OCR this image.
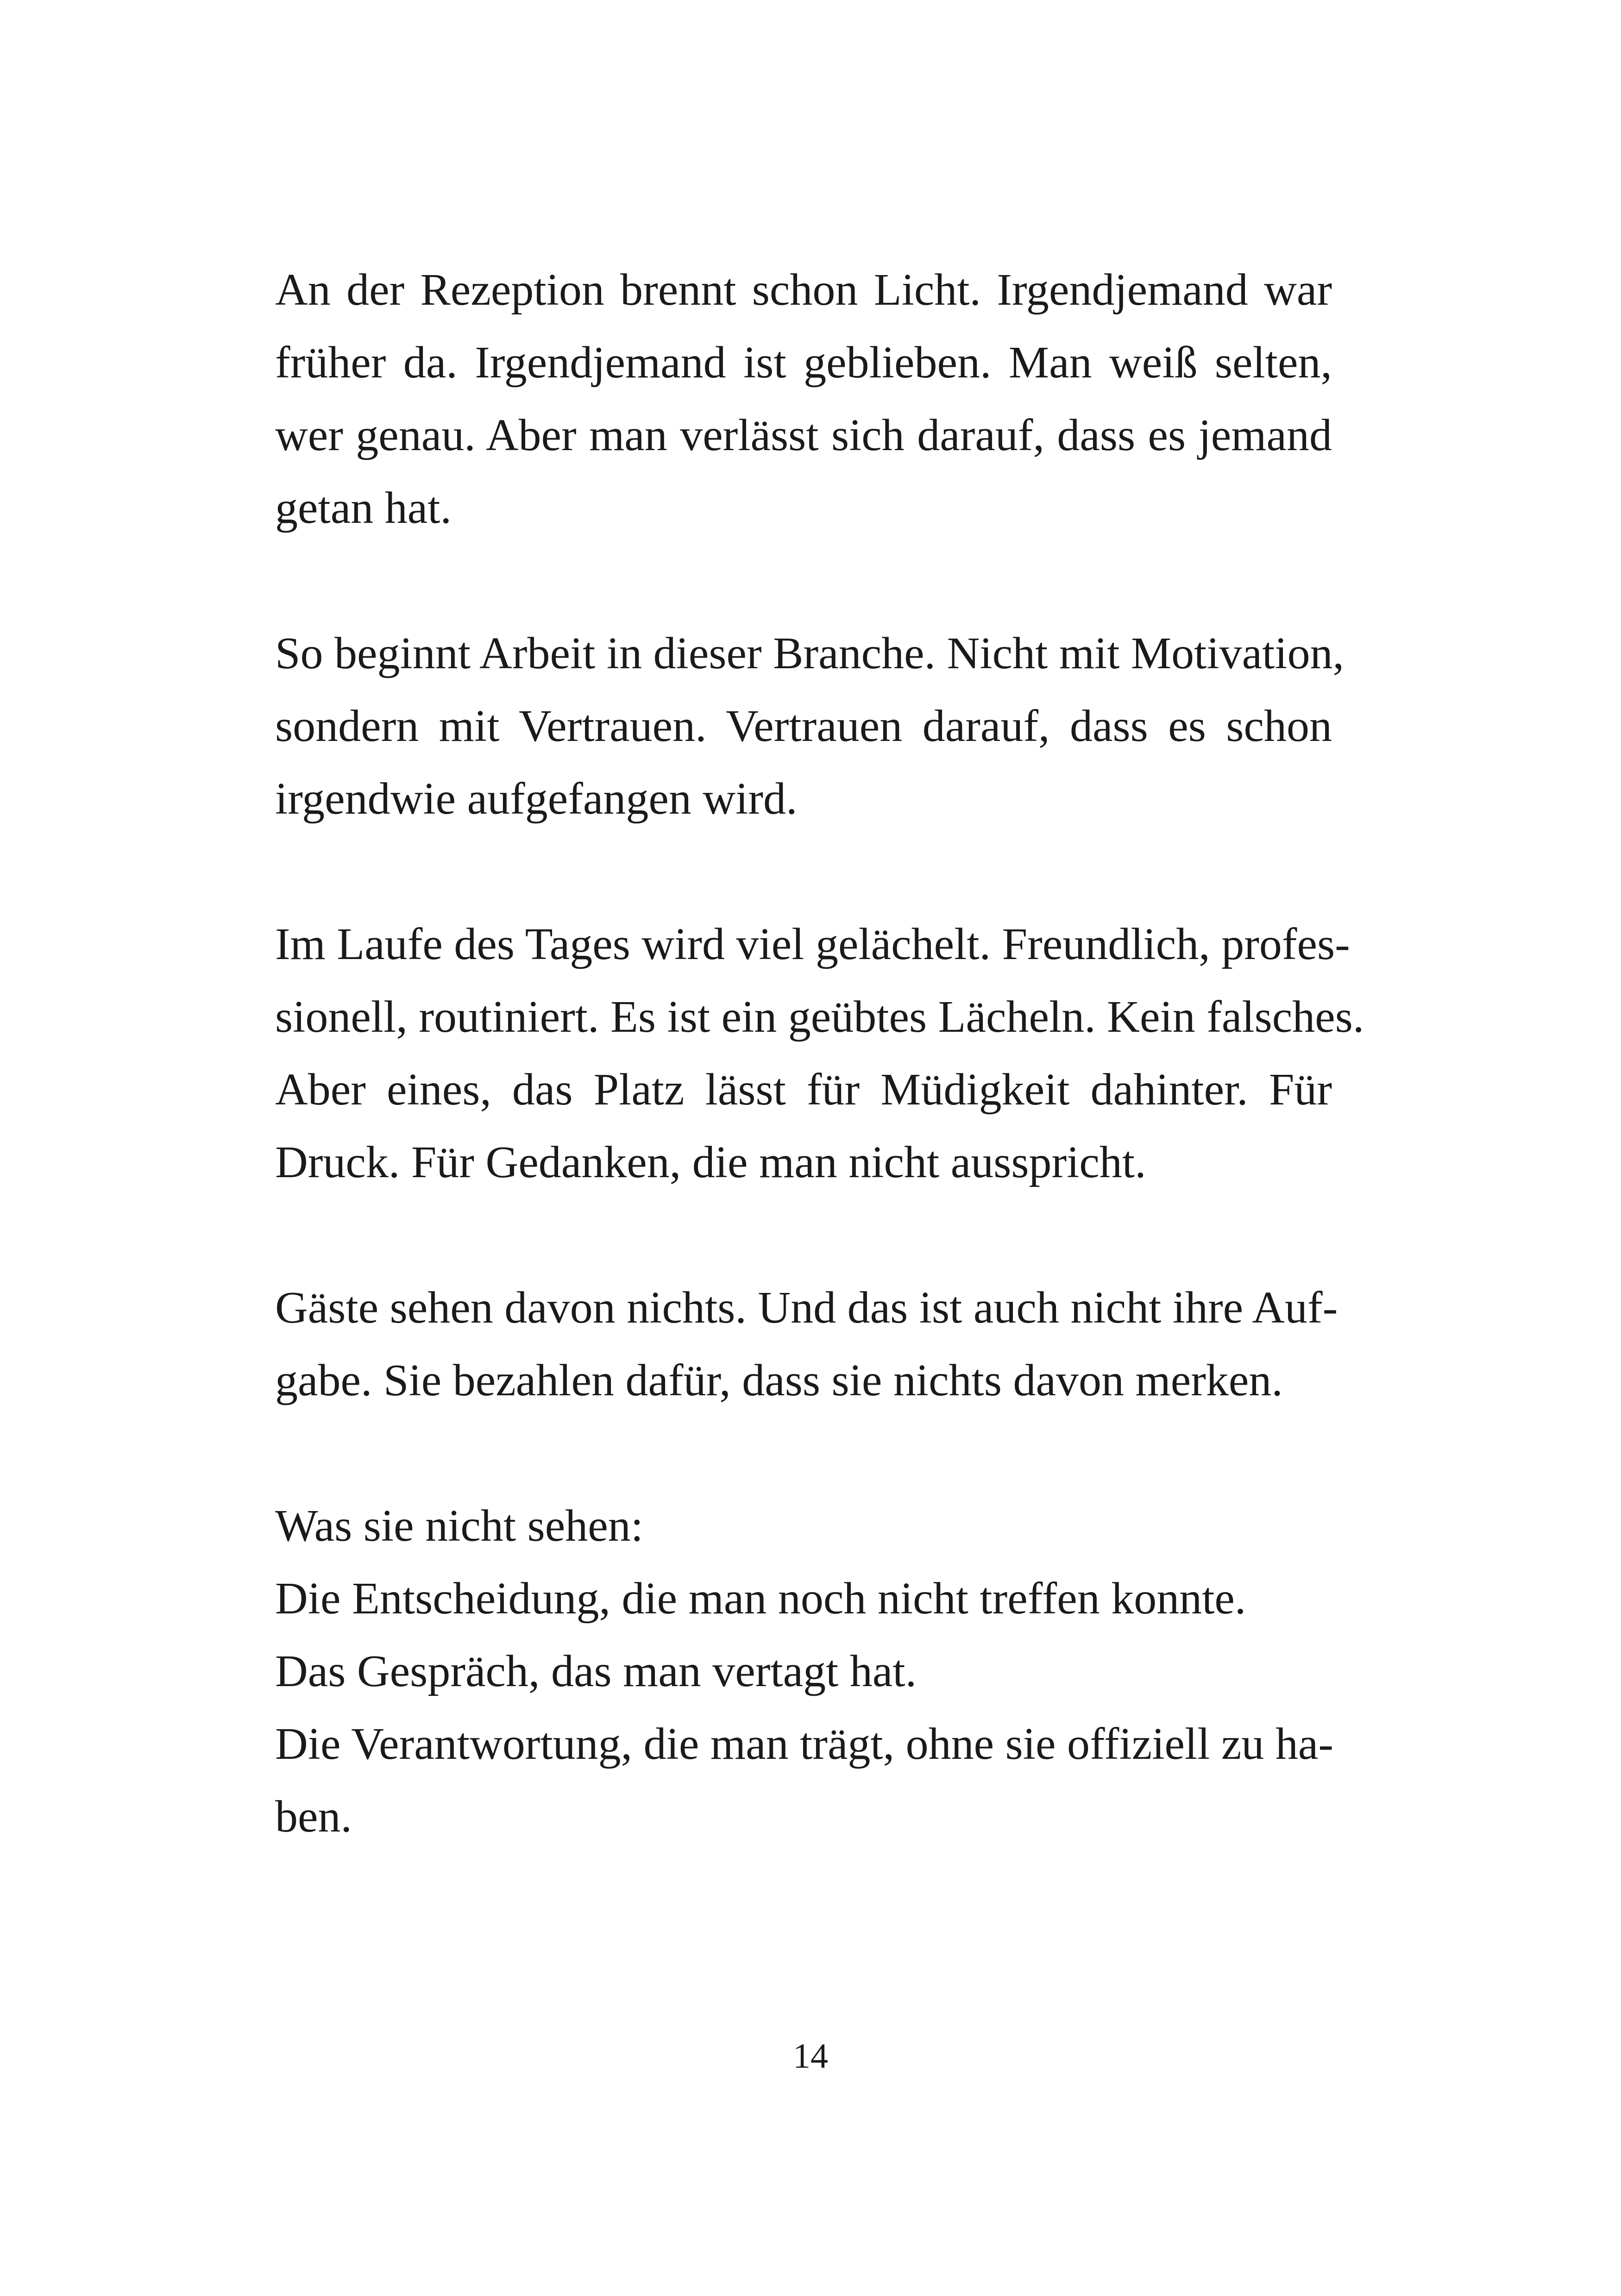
An der Rezeption brennt schon Licht. Irgendjemand war
früher da. Irgendjemand ist geblieben. Man weiß selten,
wer genau. Aber man verlässt sich darauf, dass es jemand
getan hat.

So beginnt Arbeit in dieser Branche. Nicht mit Motivation,
sondern mit Vertrauen. Vertrauen darauf, dass es schon
irgendwie aufgefangen wird.

Im Laufe des Tages wird viel gelächelt. Freundlich, profes-
sionell, routiniert. Es ist ein geübtes Lächeln. Kein falsches.
Aber eines, das Platz lässt für Müdigkeit dahinter. Für
Druck. Für Gedanken, die man nicht ausspricht.

Gäste sehen davon nichts. Und das ist auch nicht ihre Auf-
gabe. Sie bezahlen dafür, dass sie nichts davon merken.

Was sie nicht sehen:
Die Entscheidung, die man noch nicht treffen konnte.
Das Gespräch, das man vertagt hat.
Die Verantwortung, die man trägt, ohne sie offiziell zu ha-
ben.

14
